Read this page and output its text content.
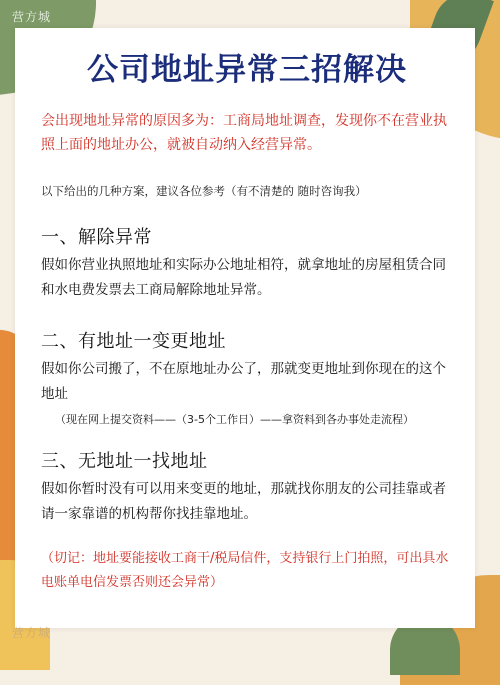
营方城
营方城
公司地址异常三招解决

会出现地址异常的原因多为：工商局地址调查，发现你不在营业执照上面的地址办公，就被自动纳入经营异常。

以下给出的几种方案，建议各位参考（有不清楚的 随时咨询我）

一、解除异常

假如你营业执照地址和实际办公地址相符，就拿地址的房屋租赁合同和水电费发票去工商局解除地址异常。

二、有地址一变更地址

假如你公司搬了，不在原地址办公了，那就变更地址到你现在的这个地址

（现在网上提交资料——（3-5个工作日）——拿资料到各办事处走流程）

三、无地址一找地址

假如你暂时没有可以用来变更的地址，那就找你朋友的公司挂靠或者请一家靠谱的机构帮你找挂靠地址。

（切记：地址要能接收工商干/税局信件，支持银行上门拍照，可出具水电账单电信发票否则还会异常）
